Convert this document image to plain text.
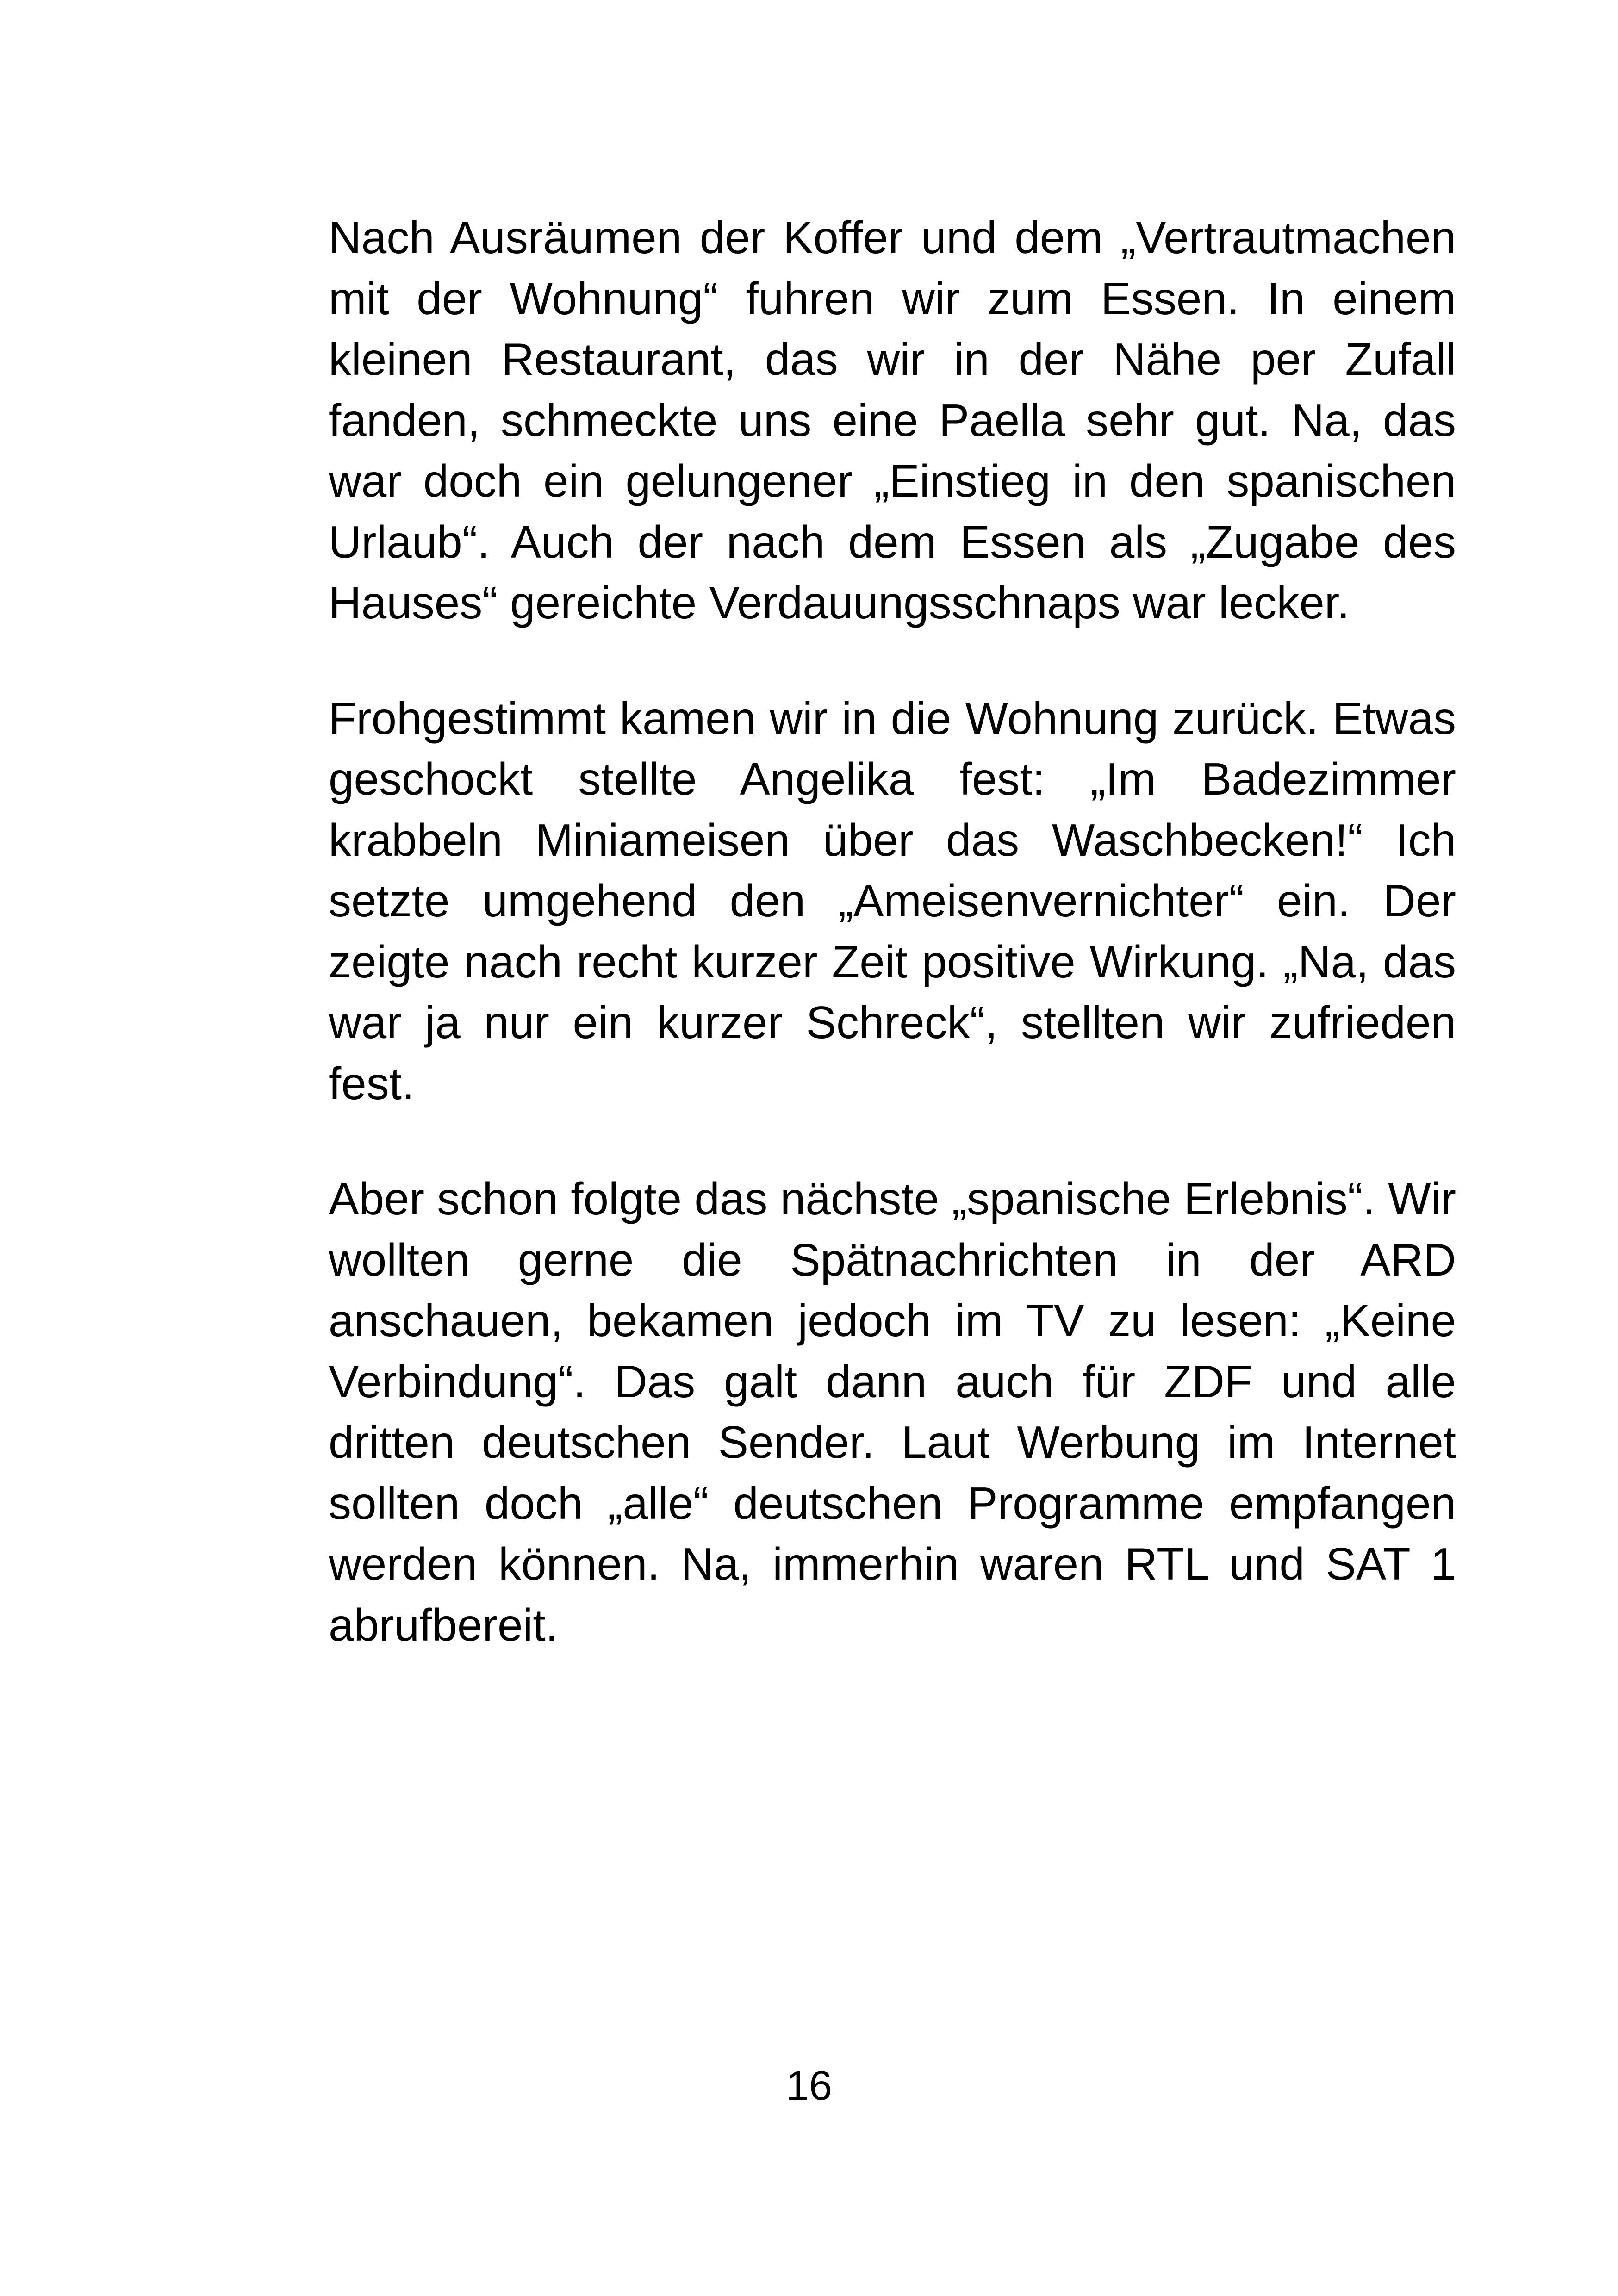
Nach Ausräumen der Koffer und dem „Vertrautmachen mit der Wohnung“ fuhren wir zum Essen. In einem kleinen Restaurant, das wir in der Nähe per Zufall fanden, schmeckte uns eine Paella sehr gut. Na, das war doch ein gelungener „Einstieg in den spanischen Urlaub“. Auch der nach dem Essen als „Zugabe des Hauses“ gereichte Verdauungsschnaps war lecker.

Frohgestimmt kamen wir in die Wohnung zurück. Etwas geschockt stellte Angelika fest: „Im Badezimmer krabbeln Miniameisen über das Waschbecken!“ Ich setzte umgehend den „Ameisenvernichter“ ein. Der zeigte nach recht kurzer Zeit positive Wirkung. „Na, das war ja nur ein kurzer Schreck“, stellten wir zufrieden fest.

Aber schon folgte das nächste „spanische Erlebnis“. Wir wollten gerne die Spätnachrichten in der ARD anschauen, bekamen jedoch im TV zu lesen: „Keine Verbindung“. Das galt dann auch für ZDF und alle dritten deutschen Sender. Laut Werbung im Internet sollten doch „alle“ deutschen Programme empfangen werden können. Na, immerhin waren RTL und SAT 1 abrufbereit.

16
